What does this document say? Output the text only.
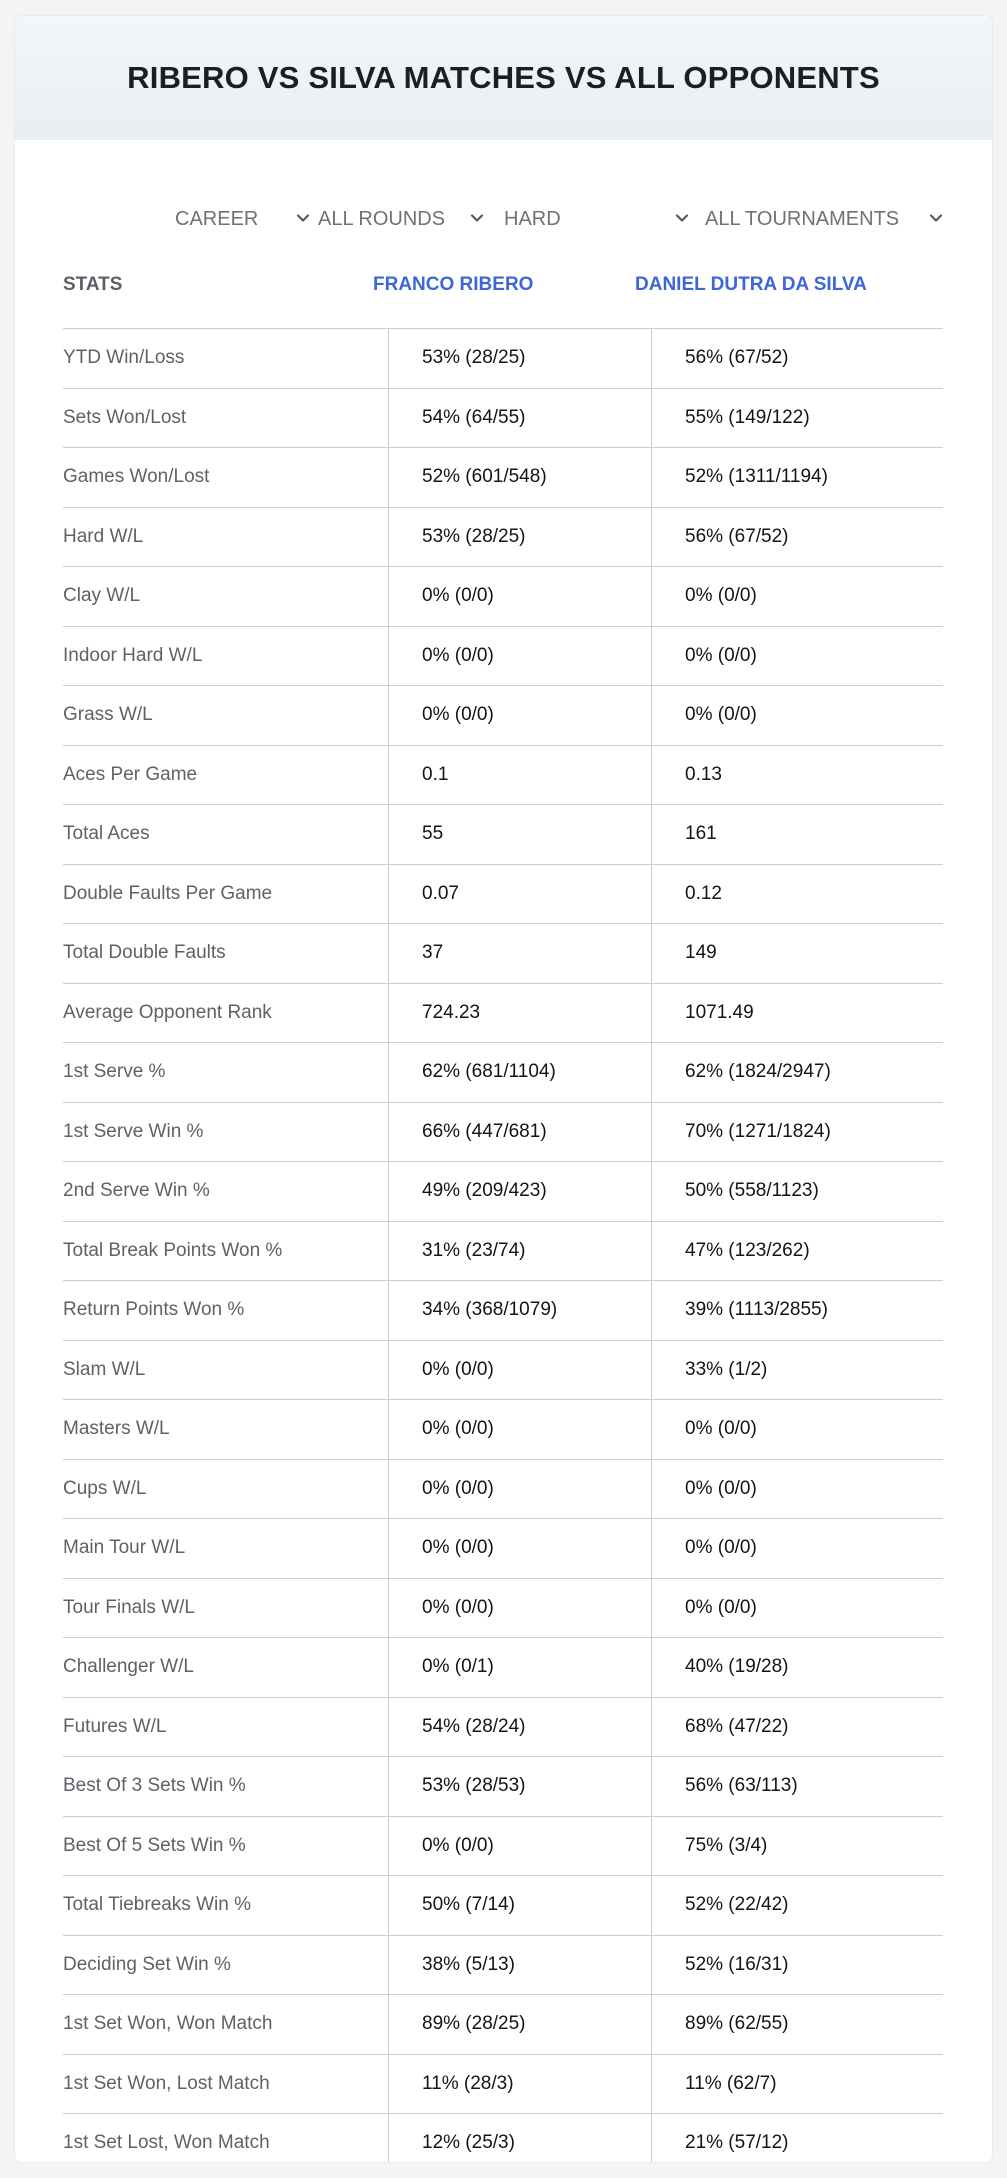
RIBERO VS SILVA MATCHES VS ALL OPPONENTS
CAREER	ALL ROUNDS	HARD	ALL TOURNAMENTS
STATS	FRANCO RIBERO	DANIEL DUTRA DA SILVA
YTD Win/Loss	53% (28/25)	56% (67/52)
Sets Won/Lost	54% (64/55)	55% (149/122)
Games Won/Lost	52% (601/548)	52% (1311/1194)
Hard W/L	53% (28/25)	56% (67/52)
Clay W/L	0% (0/0)	0% (0/0)
Indoor Hard W/L	0% (0/0)	0% (0/0)
Grass W/L	0% (0/0)	0% (0/0)
Aces Per Game	0.1	0.13
Total Aces	55	161
Double Faults Per Game	0.07	0.12
Total Double Faults	37	149
Average Opponent Rank	724.23	1071.49
1st Serve %	62% (681/1104)	62% (1824/2947)
1st Serve Win %	66% (447/681)	70% (1271/1824)
2nd Serve Win %	49% (209/423)	50% (558/1123)
Total Break Points Won %	31% (23/74)	47% (123/262)
Return Points Won %	34% (368/1079)	39% (1113/2855)
Slam W/L	0% (0/0)	33% (1/2)
Masters W/L	0% (0/0)	0% (0/0)
Cups W/L	0% (0/0)	0% (0/0)
Main Tour W/L	0% (0/0)	0% (0/0)
Tour Finals W/L	0% (0/0)	0% (0/0)
Challenger W/L	0% (0/1)	40% (19/28)
Futures W/L	54% (28/24)	68% (47/22)
Best Of 3 Sets Win %	53% (28/53)	56% (63/113)
Best Of 5 Sets Win %	0% (0/0)	75% (3/4)
Total Tiebreaks Win %	50% (7/14)	52% (22/42)
Deciding Set Win %	38% (5/13)	52% (16/31)
1st Set Won, Won Match	89% (28/25)	89% (62/55)
1st Set Won, Lost Match	11% (28/3)	11% (62/7)
1st Set Lost, Won Match	12% (25/3)	21% (57/12)
